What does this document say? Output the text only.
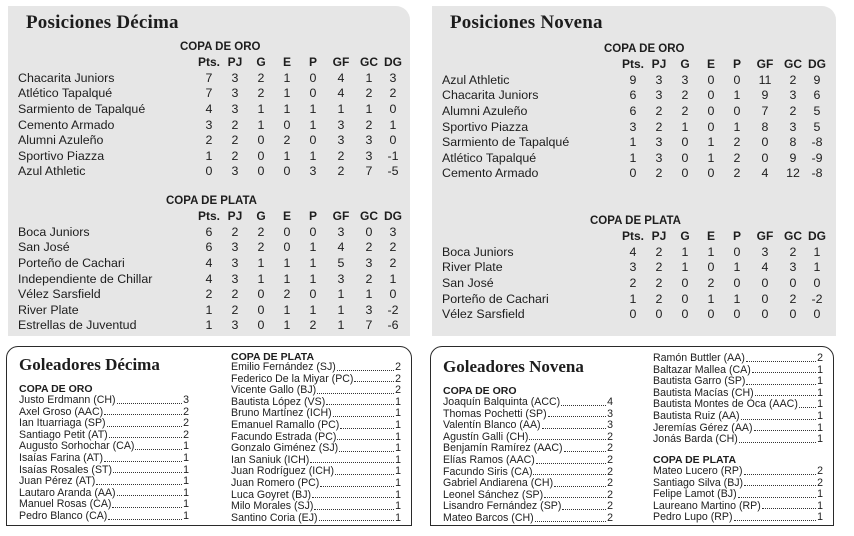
Posiciones Décima
COPA DE ORO									
	Pts.	PJ	G	E	P	GF	GC	DG	
Chacarita Juniors	7	3	2	1	0	4	1	3	
Atlético Tapalqué	7	3	2	1	0	4	2	2	
Sarmiento de Tapalqué	4	3	1	1	1	1	1	0	
Cemento Armado	3	2	1	0	1	3	2	1	
Alumni Azuleño	2	2	0	2	0	3	3	0	
Sportivo Piazza	1	2	0	1	1	2	3	-1	
Azul Athletic	0	3	0	0	3	2	7	-5	
COPA DE PLATA									
	Pts.	PJ	G	E	P	GF	GC	DG	
Boca Juniors	6	2	2	0	0	3	0	3	
San José	6	3	2	0	1	4	2	2	
Porteño de Cachari	4	3	1	1	1	5	3	2	
Independiente de Chillar	4	3	1	1	1	3	2	1	
Vélez Sarsfield	2	2	0	2	0	1	1	0	
River Plate	1	2	0	1	1	1	3	-2	
Estrellas de Juventud	1	3	0	1	2	1	7	-6	
Posiciones Novena
COPA DE ORO									
	Pts.	PJ	G	E	P	GF	GC	DG	
Azul Athletic	9	3	3	0	0	11	2	9	
Chacarita Juniors	6	3	2	0	1	9	3	6	
Alumni Azuleño	6	2	2	0	0	7	2	5	
Sportivo Piazza	3	2	1	0	1	8	3	5	
Sarmiento de Tapalqué	1	3	0	1	2	0	8	-8	
Atlético Tapalqué	1	3	0	1	2	0	9	-9	
Cemento Armado	0	2	0	0	2	4	12	-8	
COPA DE PLATA									
	Pts.	PJ	G	E	P	GF	GC	DG	
Boca Juniors	4	2	1	1	0	3	2	1	
River Plate	3	2	1	0	1	4	3	1	
San José	2	2	0	2	0	0	0	0	
Porteño de Cachari	1	2	0	1	1	0	2	-2	
Vélez Sarsfield	0	0	0	0	0	0	0	0	
Goleadores Décima
COPA DE ORO
Justo Erdmann (CH)	3
Axel Groso (AAC)	2
Ian Ituarriaga (SP)	2
Santiago Petit (AT)	2
Augusto Sorhochar (CA)	1
Isaías Farina (AT)	1
Isaías Rosales (ST)	1
Juan Pérez (AT)	1
Lautaro Aranda (AA)	1
Manuel Rosas (CA)	1
Pedro Blanco (CA)	1
COPA DE PLATA
Emilio Fernández (SJ)	2
Federico De la Miyar (PC)	2
Vicente Gallo (BJ)	2
Bautista López (VS)	1
Bruno Martínez (ICH)	1
Emanuel Ramallo (PC)	1
Facundo Estrada (PC)	1
Gonzalo Giménez (SJ)	1
Ian Saniuk (ICH)	1
Juan Rodríguez (ICH)	1
Juan Romero (PC)	1
Luca Goyret (BJ)	1
Milo Morales (SJ)	1
Santino Coria (EJ)	1
Goleadores Novena
COPA DE ORO
Joaquín Balquinta (ACC)	4
Thomas Pochetti (SP)	3
Valentín Blanco (AA)	3
Agustín Galli (CH)	2
Benjamín Ramírez (AAC)	2
Elías Ramos (AAC)	2
Facundo Siris (CA)	2
Gabriel Andiarena (CH)	2
Leonel Sánchez (SP)	2
Lisandro Fernández (SP)	2
Mateo Barcos (CH)	2
Ramón Buttler (AA)	2
Baltazar Mallea (CA)	1
Bautista Garro (SP)	1
Bautista Macías (CH)	1
Bautista Montes de Oca (AAC) 1
Bautista Ruiz (AA)	1
Jeremías Gérez (AA)	1
Jonás Barda (CH)	1
COPA DE PLATA
Mateo Lucero (RP)	2
Santiago Silva (BJ)	2
Felipe Lamot (BJ)	1
Laureano Martino (RP)	1
Pedro Lupo (RP)	1
